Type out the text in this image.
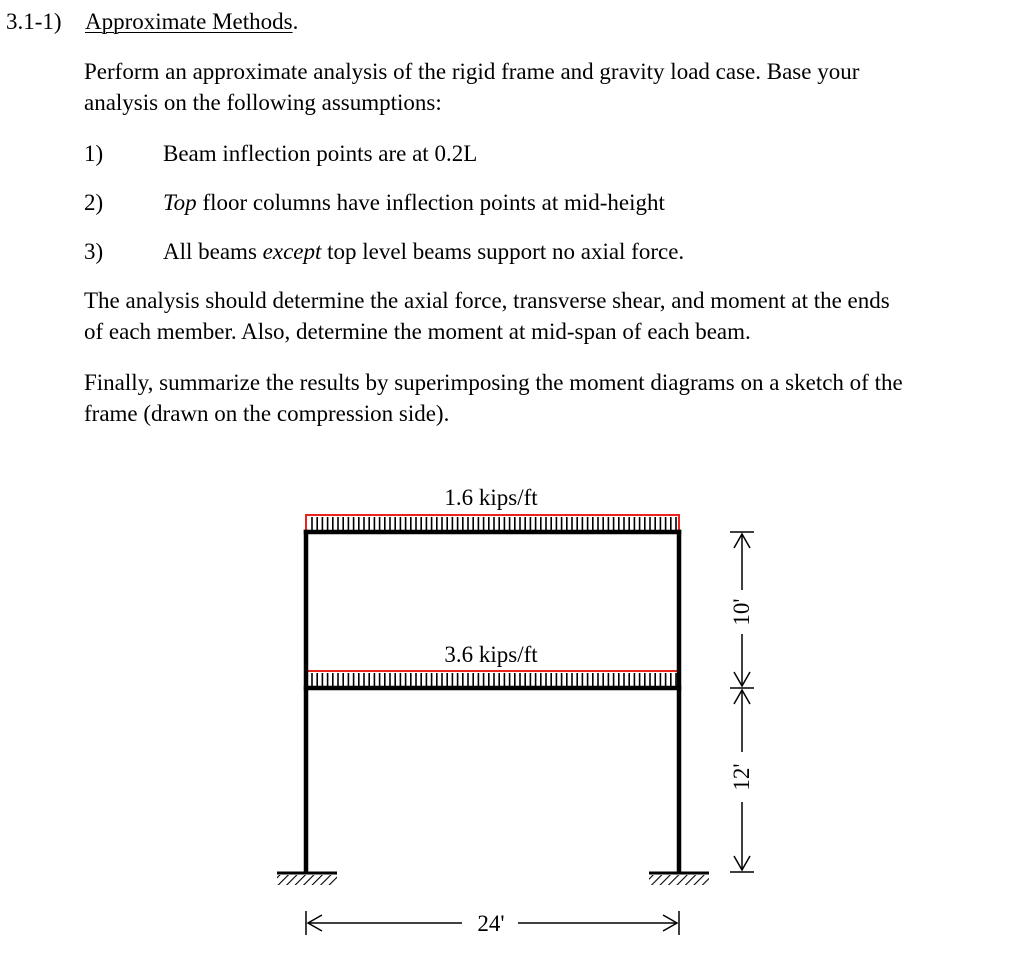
3.1-1) Approximate Methods.
Perform an approximate analysis of the rigid frame and gravity load case. Base your
analysis on the following assumptions:
1)	Beam inflection points are at 0.2L
2)	Top floor columns have inflection points at mid-height
3)	All beams except top level beams support no axial force.
The analysis should determine the axial force, transverse shear, and moment at the ends
of each member. Also, determine the moment at mid-span of each beam.
Finally, summarize the results by superimposing the moment diagrams on a sketch of the
frame (drawn on the compression side).
1.6 kips/ft
3.6 kips/ft
10'
12'
24'
